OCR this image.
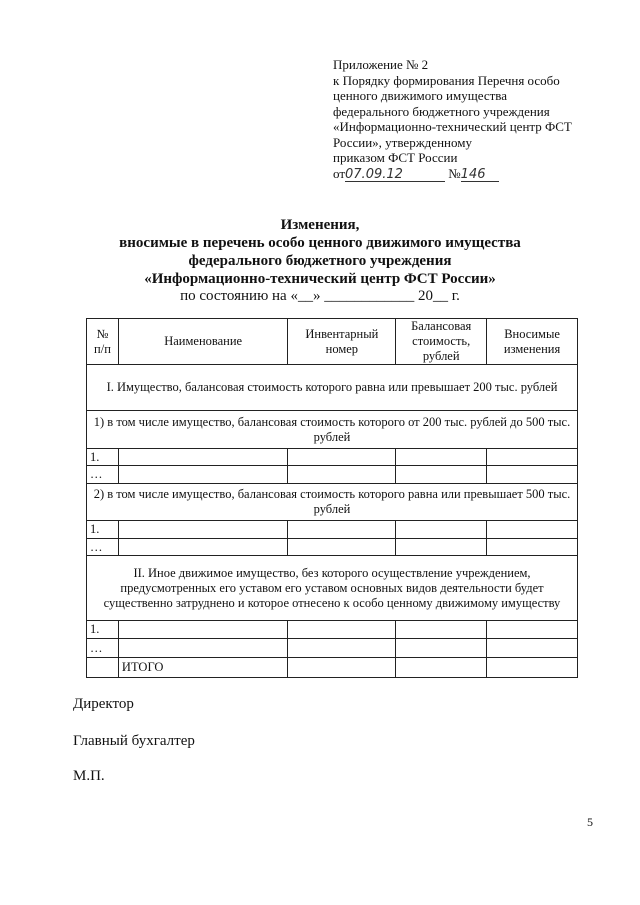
Приложение № 2
к Порядку формирования Перечня особо
ценного движимого имущества
федерального бюджетного учреждения
«Информационно-технический центр ФСТ
России», утвержденному
приказом ФСТ России
от07.09.12	№146
Изменения,
вносимые в перечень особо ценного движимого имущества
федерального бюджетного учреждения
«Информационно-технический центр ФСТ России»
по состоянию на «__» ____________ 20__ г.
№ п/п	Наименование	Инвентарный номер	Балансовая стоимость, рублей	Вносимые изменения
I. Имущество, балансовая стоимость которого равна или превышает 200 тыс. рублей				
1) в том числе имущество, балансовая стоимость которого от 200 тыс. рублей до 500 тыс. рублей				
1.				
…				
2) в том числе имущество, балансовая стоимость которого равна или превышает 500 тыс. рублей				
1.				
…				
II. Иное движимое имущество, без которого осуществление учреждением, предусмотренных его уставом его уставом основных видов деятельности будет существенно затруднено и которое отнесено к особо ценному движимому имуществу				
1.				
…				
	ИТОГО			
Директор
Главный бухгалтер
М.П.
5
